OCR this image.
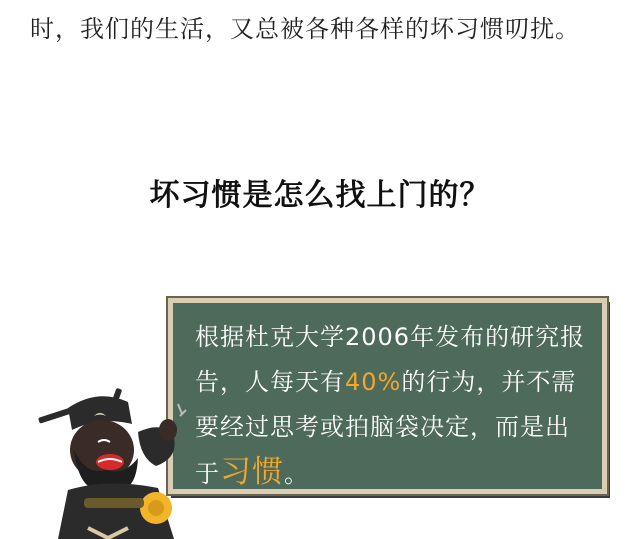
时，我们的生活，又总被各种各样的坏习惯叨扰。
坏习惯是怎么找上门的？
根据杜克大学2006年发布的研究报告，人每天有40%的行为，并不需要经过思考或拍脑袋决定，而是出于习惯。
